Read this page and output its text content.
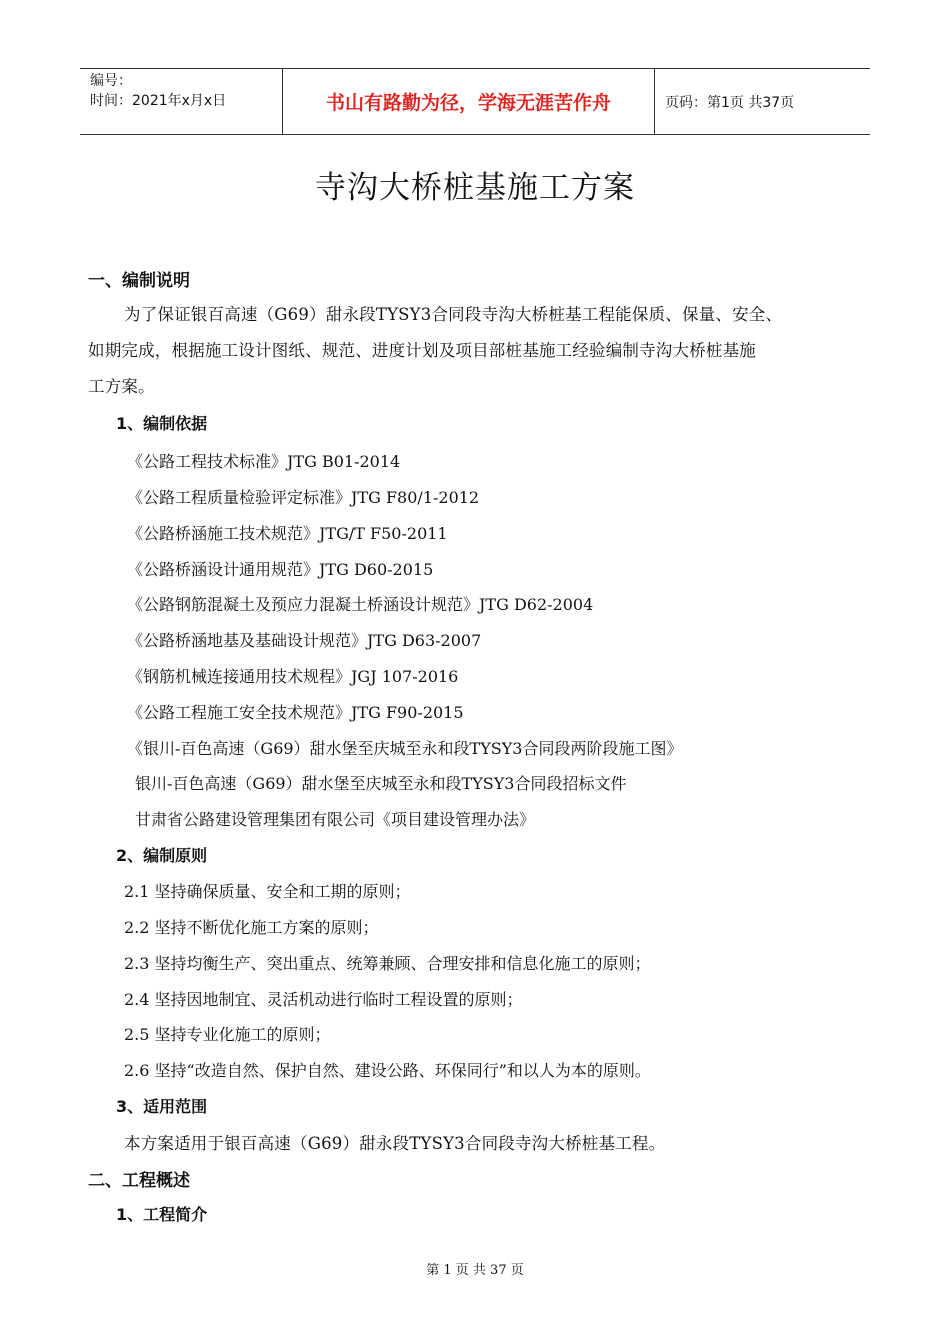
编号：
时间：2021年x月x日	书山有路勤为径，学海无涯苦作舟	页码：第1页 共37页
寺沟大桥桩基施工方案
一、编制说明
为了保证银百高速（G69）甜永段TYSY3合同段寺沟大桥桩基工程能保质、保量、安全、
如期完成，根据施工设计图纸、规范、进度计划及项目部桩基施工经验编制寺沟大桥桩基施
工方案。
1、编制依据
《公路工程技术标准》JTG B01-2014
《公路工程质量检验评定标准》JTG F80/1-2012
《公路桥涵施工技术规范》JTG/T F50-2011
《公路桥涵设计通用规范》JTG D60-2015
《公路钢筋混凝土及预应力混凝土桥涵设计规范》JTG D62-2004
《公路桥涵地基及基础设计规范》JTG D63-2007
《钢筋机械连接通用技术规程》JGJ 107-2016
《公路工程施工安全技术规范》JTG F90-2015
《银川-百色高速（G69）甜水堡至庆城至永和段TYSY3合同段两阶段施工图》
银川-百色高速（G69）甜水堡至庆城至永和段TYSY3合同段招标文件
甘肃省公路建设管理集团有限公司《项目建设管理办法》
2、编制原则
2.1 坚持确保质量、安全和工期的原则；
2.2 坚持不断优化施工方案的原则；
2.3 坚持均衡生产、突出重点、统筹兼顾、合理安排和信息化施工的原则；
2.4 坚持因地制宜、灵活机动进行临时工程设置的原则；
2.5 坚持专业化施工的原则；
2.6 坚持“改造自然、保护自然、建设公路、环保同行”和以人为本的原则。
3、适用范围
本方案适用于银百高速（G69）甜永段TYSY3合同段寺沟大桥桩基工程。
二、工程概述
1、工程简介
第 1 页 共 37 页
